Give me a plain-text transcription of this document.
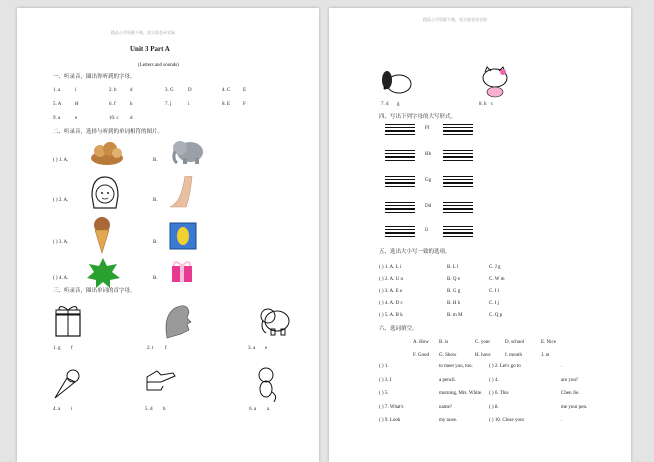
精品小学资源下载，请立即登录官网
Unit 3 Part A
(Letters and sounds)
一、听录音，圈出你听到的字母。
1. a	i	2. b	d	3. G	D	4. C	E
5. A	H	6. f	h	7. j	i	8. E	F
9. a	e	10. c d
二、听录音，选择与听到的单词相符的图片。
( ) 1. A.	B.
( ) 2. A.	B.
( ) 3. A.	B.
( ) 4. A.	B.
三、听录音，圈出单词的首字母。
1. g f	2. t f	3. a e
4. a i	5. d h	6. a a
精品小学资源下载，请立即登录官网
7. d g	8. h c
四、写出下列字母的大写形式。
五、选出大小写一致的选项。
六、选词填空。
Ff
Hh
Gg
Dd
Ii
( ) 1. A. L i	B. L l	C. J g
( ) 2. A. U u	B. Q e	C. W m
( ) 3. A. E e	B. G g	C. I l
( ) 4. A. D c	B. H h	C. I j
( ) 5. A. B k	B. m M	C. Q p
A. How B. is	C. your	D. school	E. Nice
F. Good G. Show	H. have	I. mouth	J. at
( ) 1.	to meet you, too.	( ) 2. Let's go to	.
( ) 3. I	a pencil.	( ) 4.	are you?
( ) 5.	morning, Mrs. White. ( ) 6. This	Chen Jie.
( ) 7. What's	name?	( ) 8.	me your pen.
( ) 9. Look	my nose.	( ) 10. Close your	.
